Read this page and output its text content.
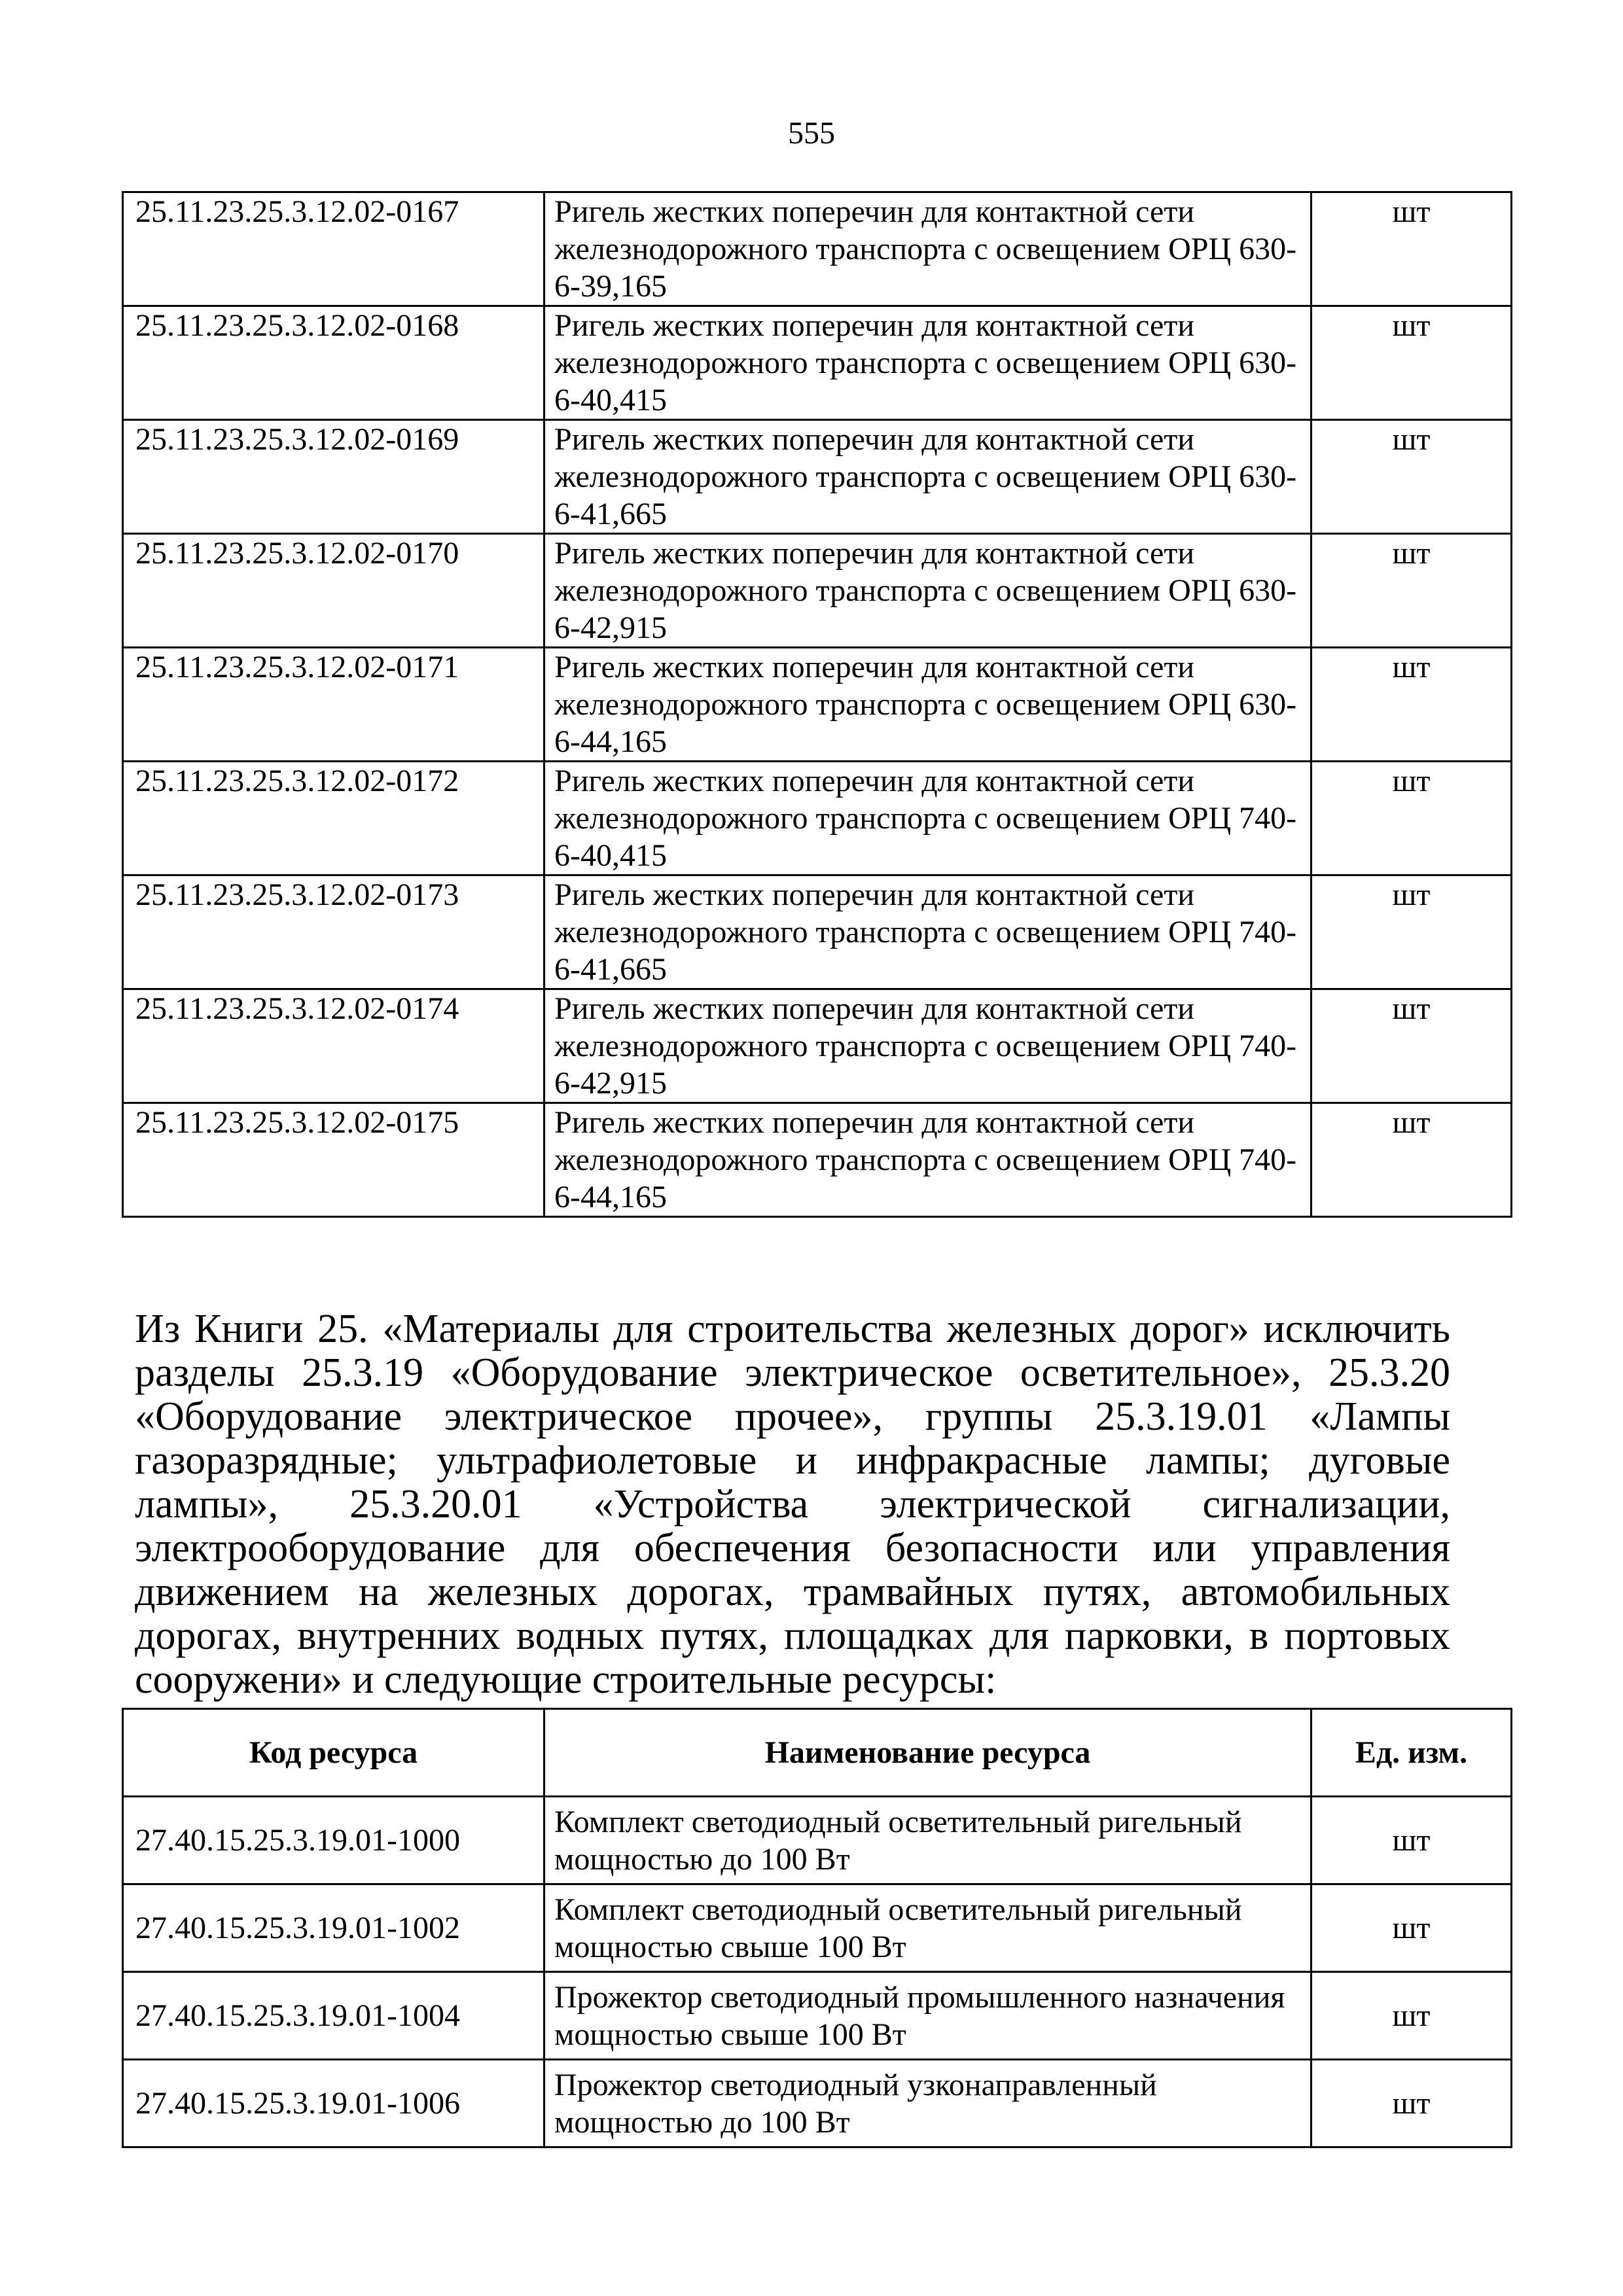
555
25.11.23.25.3.12.02-0167	Ригель жестких поперечин для контактной сети железнодорожного транспорта с освещением ОРЦ 630-6-39,165	шт
25.11.23.25.3.12.02-0168	Ригель жестких поперечин для контактной сети железнодорожного транспорта с освещением ОРЦ 630-6-40,415	шт
25.11.23.25.3.12.02-0169	Ригель жестких поперечин для контактной сети железнодорожного транспорта с освещением ОРЦ 630-6-41,665	шт
25.11.23.25.3.12.02-0170	Ригель жестких поперечин для контактной сети железнодорожного транспорта с освещением ОРЦ 630-6-42,915	шт
25.11.23.25.3.12.02-0171	Ригель жестких поперечин для контактной сети железнодорожного транспорта с освещением ОРЦ 630-6-44,165	шт
25.11.23.25.3.12.02-0172	Ригель жестких поперечин для контактной сети железнодорожного транспорта с освещением ОРЦ 740-6-40,415	шт
25.11.23.25.3.12.02-0173	Ригель жестких поперечин для контактной сети железнодорожного транспорта с освещением ОРЦ 740-6-41,665	шт
25.11.23.25.3.12.02-0174	Ригель жестких поперечин для контактной сети железнодорожного транспорта с освещением ОРЦ 740-6-42,915	шт
25.11.23.25.3.12.02-0175	Ригель жестких поперечин для контактной сети железнодорожного транспорта с освещением ОРЦ 740-6-44,165	шт

Из Книги 25. «Материалы для строительства железных дорог» исключить разделы 25.3.19 «Оборудование электрическое осветительное», 25.3.20 «Оборудование электрическое прочее», группы 25.3.19.01 «Лампы газоразрядные; ультрафиолетовые и инфракрасные лампы; дуговые лампы», 25.3.20.01 «Устройства электрической сигнализации, электрооборудование для обеспечения безопасности или управления движением на железных дорогах, трамвайных путях, автомобильных дорогах, внутренних водных путях, площадках для парковки, в портовых сооружени» и следующие строительные ресурсы:

Код ресурса	Наименование ресурса	Ед. изм.
27.40.15.25.3.19.01-1000	Комплект светодиодный осветительный ригельный мощностью до 100 Вт	шт
27.40.15.25.3.19.01-1002	Комплект светодиодный осветительный ригельный мощностью свыше 100 Вт	шт
27.40.15.25.3.19.01-1004	Прожектор светодиодный промышленного назначения мощностью свыше 100 Вт	шт
27.40.15.25.3.19.01-1006	Прожектор светодиодный узконаправленный мощностью до 100 Вт	шт
